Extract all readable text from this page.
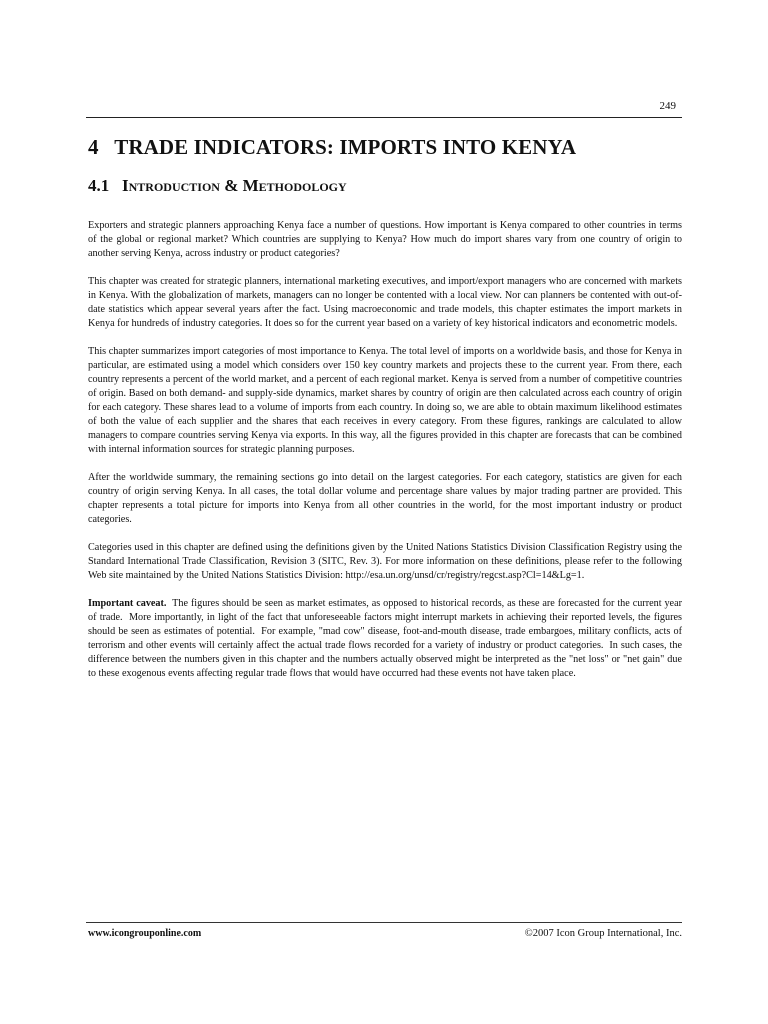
249
4   TRADE INDICATORS: IMPORTS INTO KENYA
4.1   Introduction & Methodology

Exporters and strategic planners approaching Kenya face a number of questions. How important is Kenya compared to other countries in terms of the global or regional market? Which countries are supplying to Kenya? How much do import shares vary from one country of origin to another serving Kenya, across industry or product categories?

This chapter was created for strategic planners, international marketing executives, and import/export managers who are concerned with markets in Kenya. With the globalization of markets, managers can no longer be contented with a local view. Nor can planners be contented with out-of-date statistics which appear several years after the fact. Using macroeconomic and trade models, this chapter estimates the import markets in Kenya for hundreds of industry categories. It does so for the current year based on a variety of key historical indicators and econometric models.

This chapter summarizes import categories of most importance to Kenya. The total level of imports on a worldwide basis, and those for Kenya in particular, are estimated using a model which considers over 150 key country markets and projects these to the current year. From there, each country represents a percent of the world market, and a percent of each regional market. Kenya is served from a number of competitive countries of origin. Based on both demand- and supply-side dynamics, market shares by country of origin are then calculated across each country of origin for each category. These shares lead to a volume of imports from each country. In doing so, we are able to obtain maximum likelihood estimates of both the value of each supplier and the shares that each receives in every category. From these figures, rankings are calculated to allow managers to compare countries serving Kenya via exports. In this way, all the figures provided in this chapter are forecasts that can be combined with internal information sources for strategic planning purposes.

After the worldwide summary, the remaining sections go into detail on the largest categories. For each category, statistics are given for each country of origin serving Kenya. In all cases, the total dollar volume and percentage share values by major trading partner are provided. This chapter represents a total picture for imports into Kenya from all other countries in the world, for the most important industry or product categories.

Categories used in this chapter are defined using the definitions given by the United Nations Statistics Division Classification Registry using the Standard International Trade Classification, Revision 3 (SITC, Rev. 3). For more information on these definitions, please refer to the following Web site maintained by the United Nations Statistics Division: http://esa.un.org/unsd/cr/registry/regcst.asp?Cl=14&Lg=1.

Important caveat.  The figures should be seen as market estimates, as opposed to historical records, as these are forecasted for the current year of trade.  More importantly, in light of the fact that unforeseeable factors might interrupt markets in achieving their reported levels, the figures should be seen as estimates of potential.  For example, "mad cow" disease, foot-and-mouth disease, trade embargoes, military conflicts, acts of terrorism and other events will certainly affect the actual trade flows recorded for a variety of industry or product categories.  In such cases, the difference between the numbers given in this chapter and the numbers actually observed might be interpreted as the "net loss" or "net gain" due to these exogenous events affecting regular trade flows that would have occurred had these events not have taken place.

www.icongrouponline.com	©2007 Icon Group International, Inc.
